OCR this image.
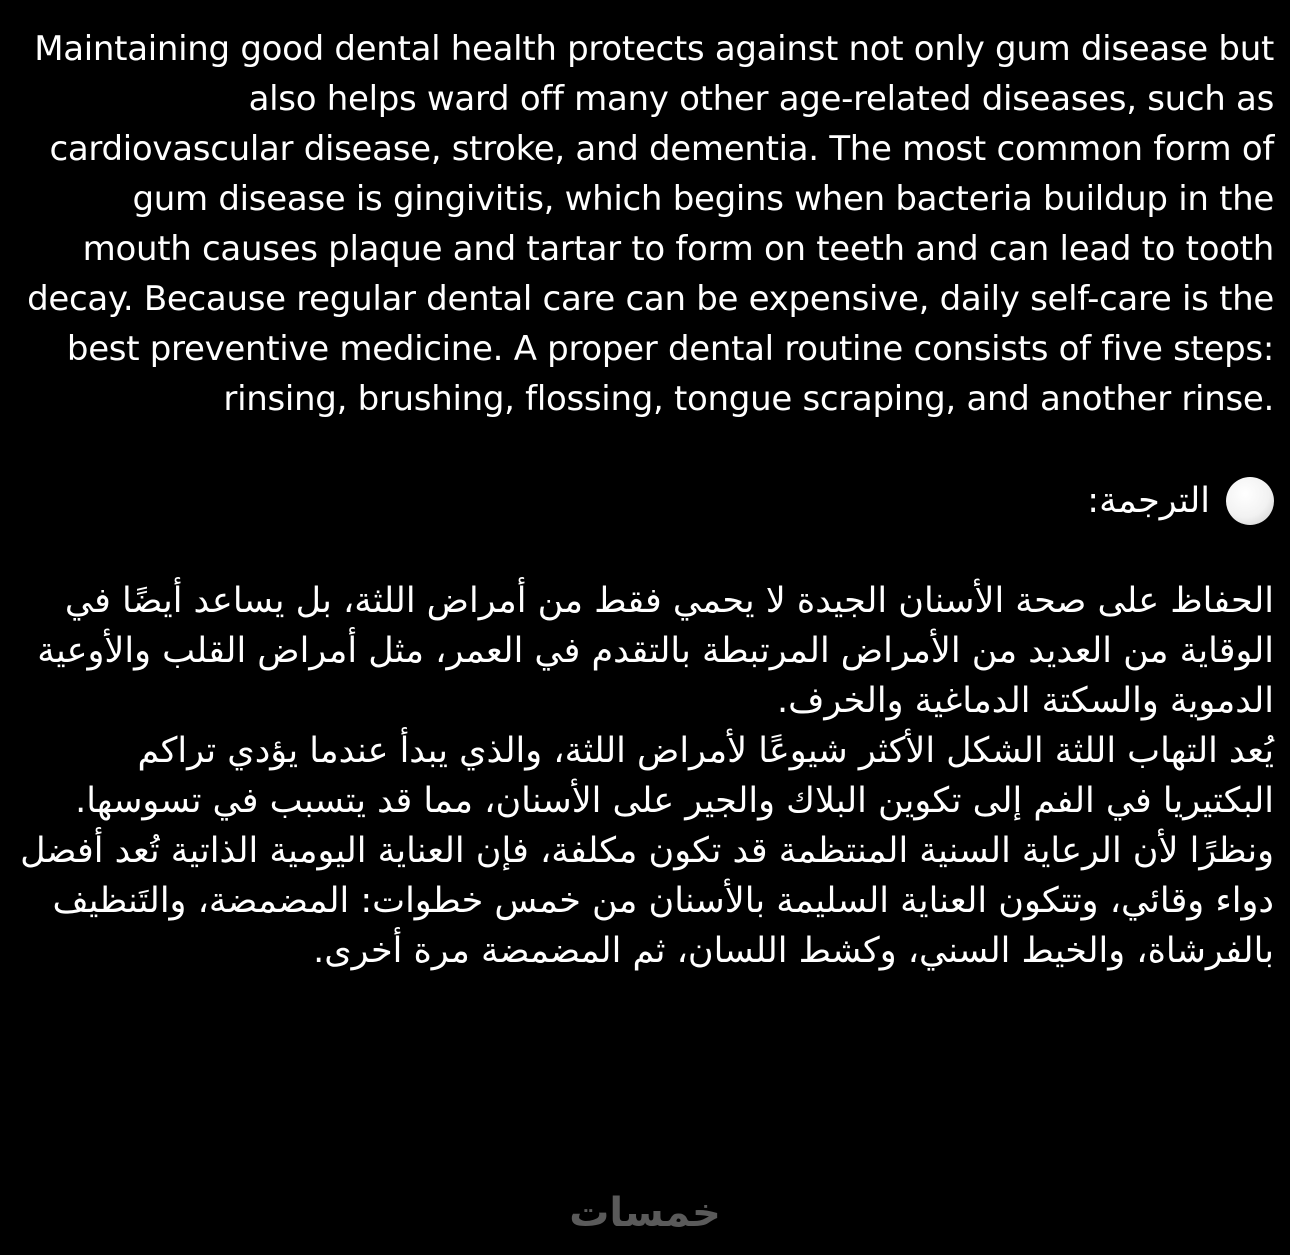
Maintaining good dental health protects against not only gum disease but also helps ward off many other age-related diseases, such as cardiovascular disease, stroke, and dementia. The most common form of gum disease is gingivitis, which begins when bacteria buildup in the mouth causes plaque and tartar to form on teeth and can lead to tooth decay. Because regular dental care can be expensive, daily self-care is the best preventive medicine. A proper dental routine consists of five steps: rinsing, brushing, flossing, tongue scraping, and another rinse.

الترجمة:

الحفاظ على صحة الأسنان الجيدة لا يحمي فقط من أمراض اللثة، بل يساعد أيضًا في الوقاية من العديد من الأمراض المرتبطة بالتقدم في العمر، مثل أمراض القلب والأوعية الدموية والسكتة الدماغية والخرف.

يُعد التهاب اللثة الشكل الأكثر شيوعًا لأمراض اللثة، والذي يبدأ عندما يؤدي تراكم البكتيريا في الفم إلى تكوين البلاك والجير على الأسنان، مما قد يتسبب في تسوسها.

ونظرًا لأن الرعاية السنية المنتظمة قد تكون مكلفة، فإن العناية اليومية الذاتية تُعد أفضل دواء وقائي، وتتكون العناية السليمة بالأسنان من خمس خطوات: المضمضة، والتَنظيف بالفرشاة، والخيط السني، وكشط اللسان، ثم المضمضة مرة أخرى.

خمسات
